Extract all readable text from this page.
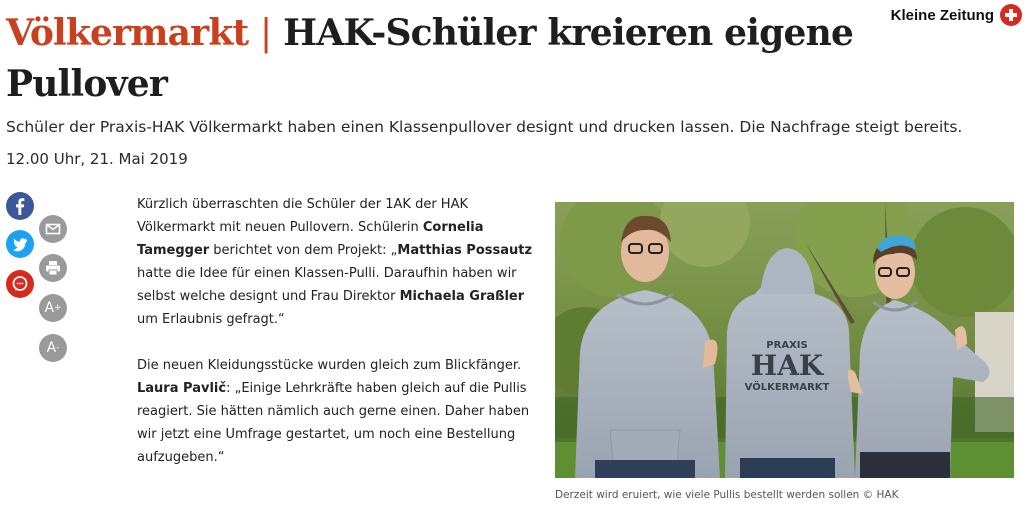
Völkermarkt | HAK-Schüler kreieren eigene Pullover
Kleine Zeitung

Schüler der Praxis-HAK Völkermarkt haben einen Klassenpullover designt und drucken lassen. Die Nachfrage steigt bereits.

12.00 Uhr, 21. Mai 2019

A +
A -

Kürzlich überraschten die Schüler der 1AK der HAK Völkermarkt mit neuen Pullovern. Schülerin Cornelia Tamegger berichtet von dem Projekt: „Matthias Possautz hatte die Idee für einen Klassen-Pulli. Daraufhin haben wir selbst welche designt und Frau Direktor Michaela Graßler um Erlaubnis gefragt.“

Die neuen Kleidungsstücke wurden gleich zum Blickfänger. Laura Pavlič: „Einige Lehrkräfte haben gleich auf die Pullis reagiert. Sie hätten nämlich auch gerne einen. Daher haben wir jetzt eine Umfrage gestartet, um noch eine Bestellung aufzugeben.“

PRAXIS
HAK
VÖLKERMARKT

Derzeit wird eruiert, wie viele Pullis bestellt werden sollen © HAK
